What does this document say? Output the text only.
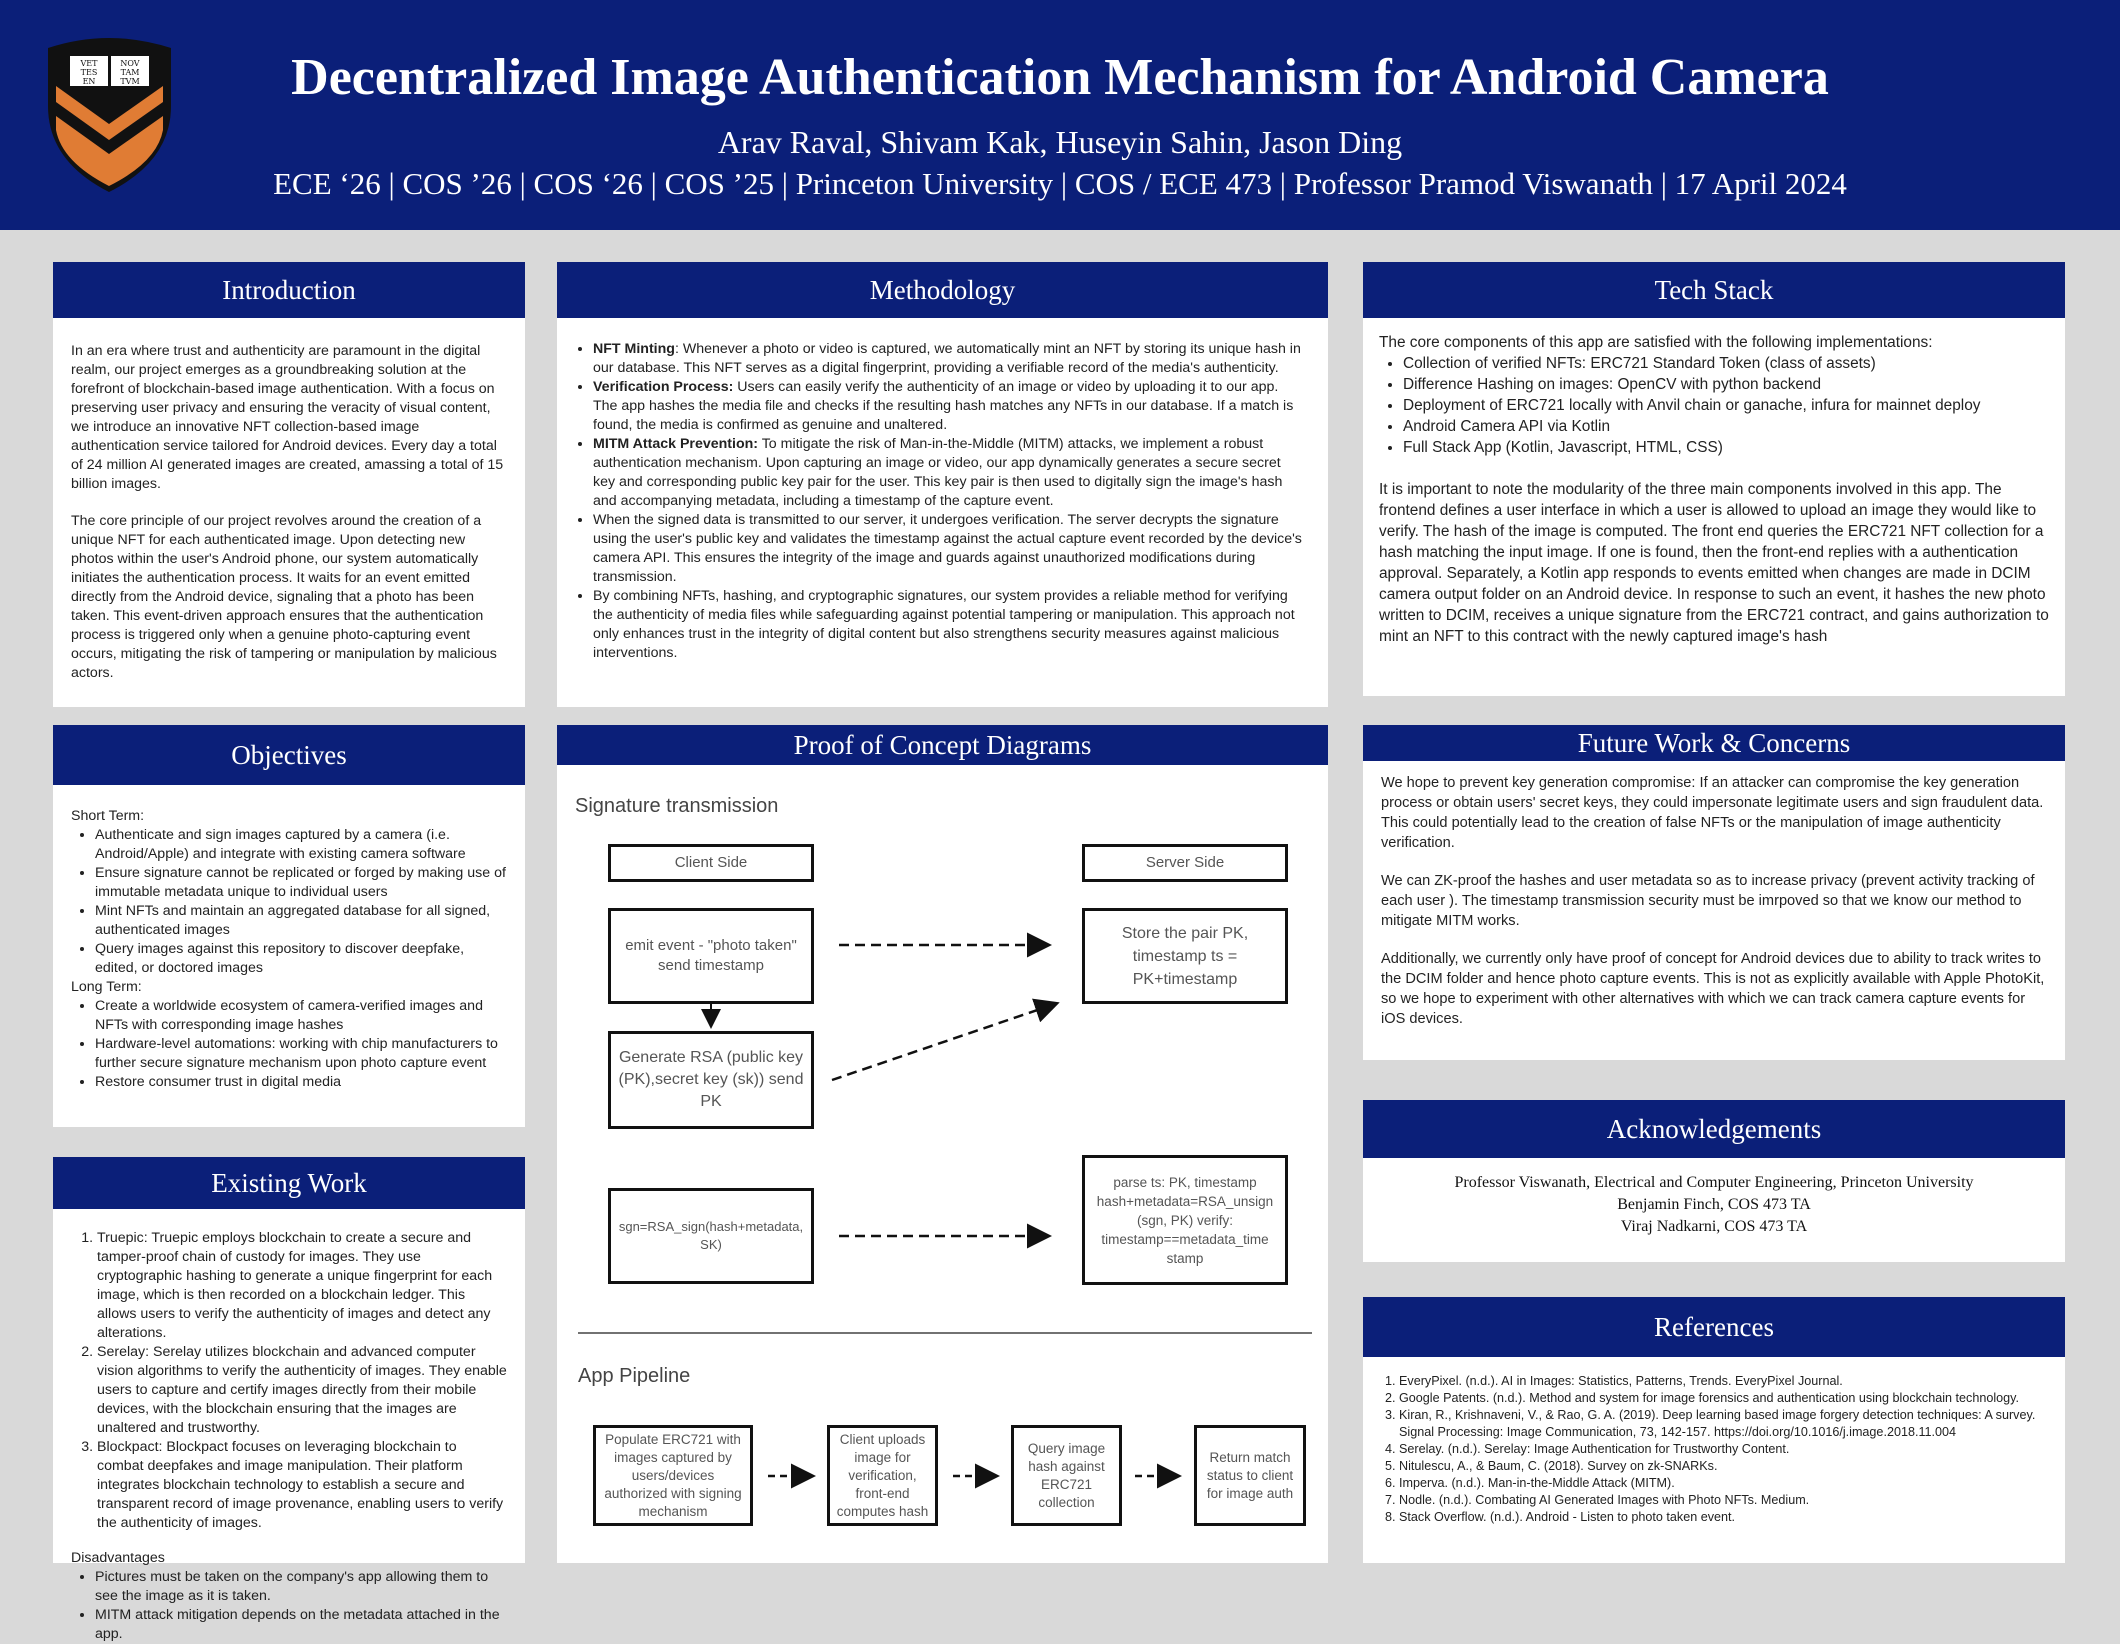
VET
TES
EN
NOV
TAM
TVM	Decentralized Image Authentication Mechanism for Android Camera
Arav Raval, Shivam Kak, Huseyin Sahin, Jason Ding
ECE ‘26 | COS ’26 | COS ‘26 | COS ’25 | Princeton University | COS / ECE 473 | Professor Pramod Viswanath | 17 April 2024
Introduction

In an era where trust and authenticity are paramount in the digital realm, our project emerges as a groundbreaking solution at the forefront of blockchain-based image authentication. With a focus on preserving user privacy and ensuring the veracity of visual content, we introduce an innovative NFT collection-based image authentication service tailored for Android devices. Every day a total of 24 million AI generated images are created, amassing a total of 15 billion images.

The core principle of our project revolves around the creation of a unique NFT for each authenticated image. Upon detecting new photos within the user's Android phone, our system automatically initiates the authentication process. It waits for an event emitted directly from the Android device, signaling that a photo has been taken. This event-driven approach ensures that the authentication process is triggered only when a genuine photo-capturing event occurs, mitigating the risk of tampering or manipulation by malicious actors.

Objectives
Short Term:
• Authenticate and sign images captured by a camera (i.e. Android/Apple) and integrate with existing camera software
• Ensure signature cannot be replicated or forged by making use of immutable metadata unique to individual users
• Mint NFTs and maintain an aggregated database for all signed, authenticated images
• Query images against this repository to discover deepfake, edited, or doctored images
Long Term:
• Create a worldwide ecosystem of camera-verified images and NFTs with corresponding image hashes
• Hardware-level automations: working with chip manufacturers to further secure signature mechanism upon photo capture event
• Restore consumer trust in digital media
Existing Work
1. Truepic: Truepic employs blockchain to create a secure and tamper-proof chain of custody for images. They use cryptographic hashing to generate a unique fingerprint for each image, which is then recorded on a blockchain ledger. This allows users to verify the authenticity of images and detect any alterations.
2. Serelay: Serelay utilizes blockchain and advanced computer vision algorithms to verify the authenticity of images. They enable users to capture and certify images directly from their mobile devices, with the blockchain ensuring that the images are unaltered and trustworthy.
3. Blockpact: Blockpact focuses on leveraging blockchain to combat deepfakes and image manipulation. Their platform integrates blockchain technology to establish a secure and transparent record of image provenance, enabling users to verify the authenticity of images.
Disadvantages
• Pictures must be taken on the company's app allowing them to see the image as it is taken.
• MITM attack mitigation depends on the metadata attached in the app.
Methodology
• NFT Minting: Whenever a photo or video is captured, we automatically mint an NFT by storing its unique hash in our database. This NFT serves as a digital fingerprint, providing a verifiable record of the media's authenticity.
• Verification Process: Users can easily verify the authenticity of an image or video by uploading it to our app. The app hashes the media file and checks if the resulting hash matches any NFTs in our database. If a match is found, the media is confirmed as genuine and unaltered.
• MITM Attack Prevention: To mitigate the risk of Man-in-the-Middle (MITM) attacks, we implement a robust authentication mechanism. Upon capturing an image or video, our app dynamically generates a secure secret key and corresponding public key pair for the user. This key pair is then used to digitally sign the image's hash and accompanying metadata, including a timestamp of the capture event.
• When the signed data is transmitted to our server, it undergoes verification. The server decrypts the signature using the user's public key and validates the timestamp against the actual capture event recorded by the device's camera API. This ensures the integrity of the image and guards against unauthorized modifications during transmission.
• By combining NFTs, hashing, and cryptographic signatures, our system provides a reliable method for verifying the authenticity of media files while safeguarding against potential tampering or manipulation. This approach not only enhances trust in the integrity of digital content but also strengthens security measures against malicious interventions.
Proof of Concept Diagrams
Signature transmission
Client Side	Server Side
emit event - "photo taken" send timestamp
Store the pair PK, timestamp ts = PK+timestamp
Generate RSA (public key (PK),secret key (sk)) send PK
sgn=RSA_sign(hash+metadata, SK)
parse ts: PK, timestamp hash+metadata=RSA_unsign (sgn, PK) verify: timestamp==metadata_time stamp
App Pipeline
Populate ERC721 with images captured by users/devices authorized with signing mechanism
Client uploads image for verification, front-end computes hash
Query image hash against ERC721 collection
Return match status to client for image auth
Tech Stack
The core components of this app are satisfied with the following implementations:
• Collection of verified NFTs: ERC721 Standard Token (class of assets)
• Difference Hashing on images: OpenCV with python backend
• Deployment of ERC721 locally with Anvil chain or ganache, infura for mainnet deploy
• Android Camera API via Kotlin
• Full Stack App (Kotlin, Javascript, HTML, CSS)

It is important to note the modularity of the three main components involved in this app. The frontend defines a user interface in which a user is allowed to upload an image they would like to verify. The hash of the image is computed. The front end queries the ERC721 NFT collection for a hash matching the input image. If one is found, then the front-end replies with a authentication approval. Separately, a Kotlin app responds to events emitted when changes are made in DCIM camera output folder on an Android device. In response to such an event, it hashes the new photo written to DCIM, receives a unique signature from the ERC721 contract, and gains authorization to mint an NFT to this contract with the newly captured image's hash

Future Work & Concerns

We hope to prevent key generation compromise: If an attacker can compromise the key generation process or obtain users' secret keys, they could impersonate legitimate users and sign fraudulent data. This could potentially lead to the creation of false NFTs or the manipulation of image authenticity verification.

We can ZK-proof the hashes and user metadata so as to increase privacy (prevent activity tracking of each user ). The timestamp transmission security must be imrpoved so that we know our method to mitigate MITM works.

Additionally, we currently only have proof of concept for Android devices due to ability to track writes to the DCIM folder and hence photo capture events. This is not as explicitly available with Apple PhotoKit, so we hope to experiment with other alternatives with which we can track camera capture events for iOS devices.

Acknowledgements
Professor Viswanath, Electrical and Computer Engineering, Princeton University
Benjamin Finch, COS 473 TA
Viraj Nadkarni, COS 473 TA
References
1. EveryPixel. (n.d.). AI in Images: Statistics, Patterns, Trends. EveryPixel Journal.
2. Google Patents. (n.d.). Method and system for image forensics and authentication using blockchain technology.
3. Kiran, R., Krishnaveni, V., & Rao, G. A. (2019). Deep learning based image forgery detection techniques: A survey. Signal Processing: Image Communication, 73, 142-157. https://doi.org/10.1016/j.image.2018.11.004
4. Serelay. (n.d.). Serelay: Image Authentication for Trustworthy Content.
5. Nitulescu, A., & Baum, C. (2018). Survey on zk-SNARKs.
6. Imperva. (n.d.). Man-in-the-Middle Attack (MITM).
7. Nodle. (n.d.). Combating AI Generated Images with Photo NFTs. Medium.
8. Stack Overflow. (n.d.). Android - Listen to photo taken event.
